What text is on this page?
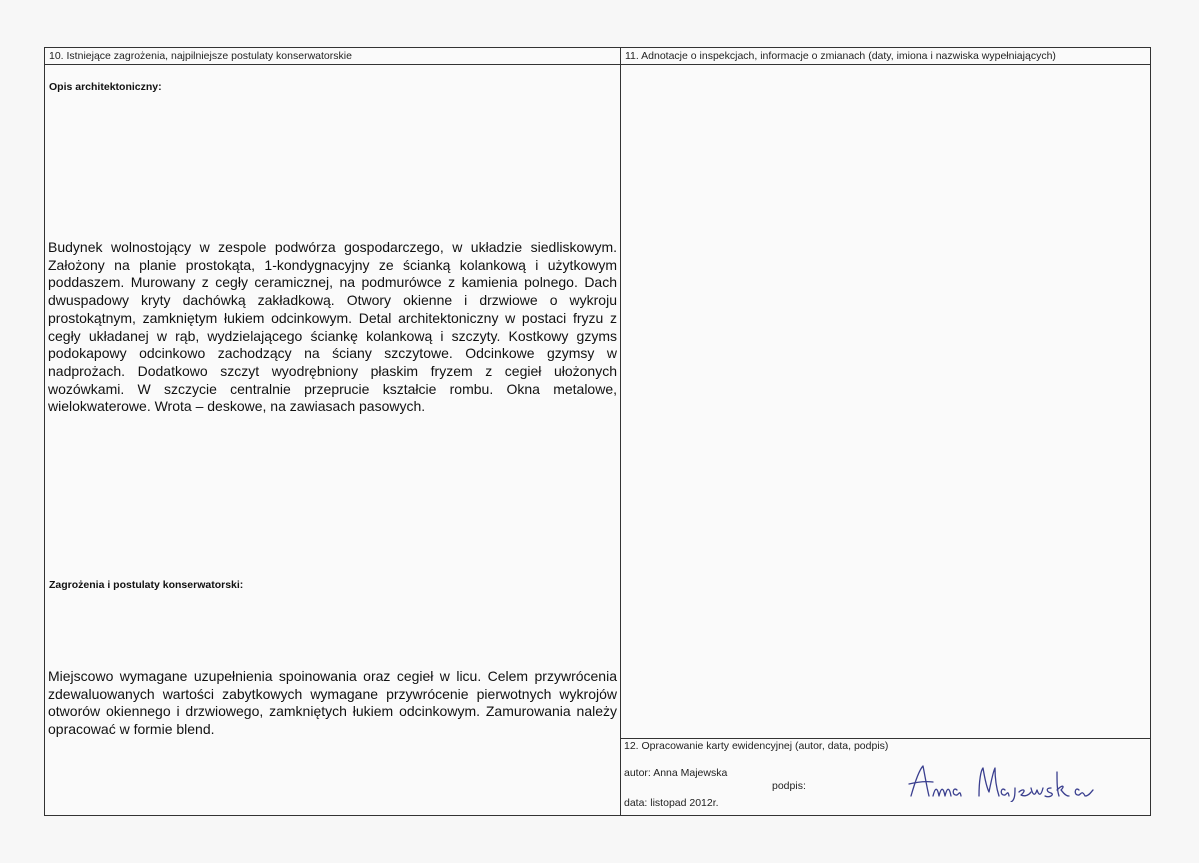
10. Istniejące zagrożenia, najpilniejsze postulaty konserwatorskie
Opis architektoniczny:
Budynek wolnostojący w zespole podwórza gospodarczego, w układzie siedliskowym. Założony na planie prostokąta, 1-kondygnacyjny ze ścianką kolankową i użytkowym poddaszem. Murowany z cegły ceramicznej, na podmurówce z kamienia polnego. Dach dwuspadowy kryty dachówką zakładkową. Otwory okienne i drzwiowe o wykroju prostokątnym, zamkniętym łukiem odcinkowym. Detal architektoniczny w postaci fryzu z cegły układanej w rąb, wydzielającego ściankę kolankową i szczyty. Kostkowy gzyms podokapowy odcinkowo zachodzący na ściany szczytowe. Odcinkowe gzymsy w nadprożach. Dodatkowo szczyt wyodrębniony płaskim fryzem z cegieł ułożonych wozówkami. W szczycie centralnie przeprucie kształcie rombu. Okna metalowe, wielokwaterowe. Wrota – deskowe, na zawiasach pasowych.
Zagrożenia i postulaty konserwatorski:
Miejscowo wymagane uzupełnienia spoinowania oraz cegieł w licu. Celem przywrócenia zdewaluowanych wartości zabytkowych wymagane przywrócenie pierwotnych wykrojów otworów okiennego i drzwiowego, zamkniętych łukiem odcinkowym. Zamurowania należy opracować w formie blend.
11. Adnotacje o inspekcjach, informacje o zmianach (daty, imiona i nazwiska wypełniających)
12. Opracowanie karty ewidencyjnej (autor, data, podpis)
autor: Anna Majewska
podpis:
data: listopad 2012r.
